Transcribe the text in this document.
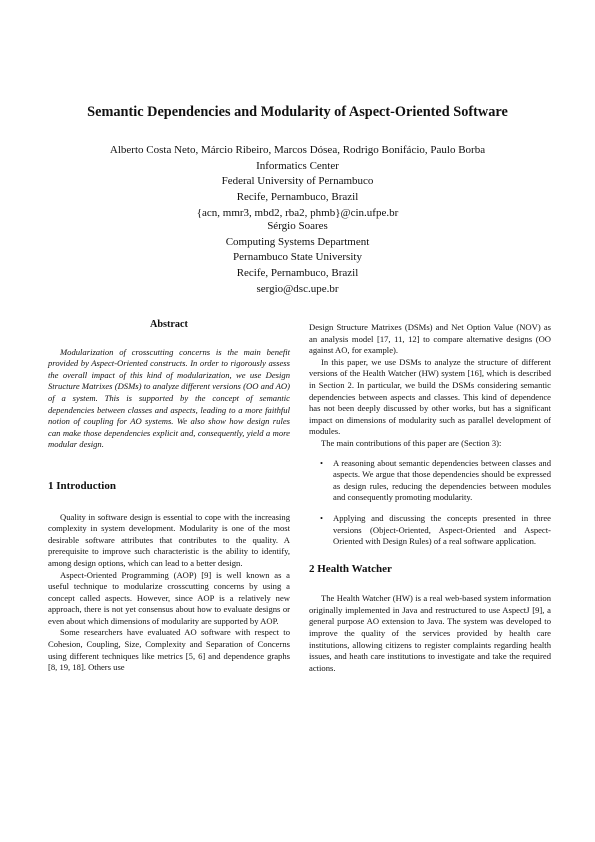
Semantic Dependencies and Modularity of Aspect-Oriented Software
Alberto Costa Neto, Márcio Ribeiro, Marcos Dósea, Rodrigo Bonifácio, Paulo Borba
Informatics Center
Federal University of Pernambuco
Recife, Pernambuco, Brazil
{acn, mmr3, mbd2, rba2, phmb}@cin.ufpe.br
Sérgio Soares
Computing Systems Department
Pernambuco State University
Recife, Pernambuco, Brazil
sergio@dsc.upe.br
Abstract

Modularization of crosscutting concerns is the main benefit provided by Aspect-Oriented constructs. In order to rigorously assess the overall impact of this kind of modularization, we use Design Structure Matrixes (DSMs) to analyze different versions (OO and AO) of a system. This is supported by the concept of semantic dependencies between classes and aspects, leading to a more faithful notion of coupling for AO systems. We also show how design rules can make those dependencies explicit and, consequently, yield a more modular design.

1 Introduction

Quality in software design is essential to cope with the increasing complexity in system development. Modularity is one of the most desirable software attributes that contributes to the quality. A prerequisite to improve such characteristic is the ability to identify, among design options, which can lead to a better design.

Aspect-Oriented Programming (AOP) [9] is well known as a useful technique to modularize crosscutting concerns by using a concept called aspects. However, since AOP is a relatively new approach, there is not yet consensus about how to evaluate designs or even about which dimensions of modularity are supported by AOP.

Some researchers have evaluated AO software with respect to Cohesion, Coupling, Size, Complexity and Separation of Concerns using different techniques like metrics [5, 6] and dependence graphs [8, 19, 18]. Others use

Design Structure Matrixes (DSMs) and Net Option Value (NOV) as an analysis model [17, 11, 12] to compare alternative designs (OO against AO, for example).

In this paper, we use DSMs to analyze the structure of different versions of the Health Watcher (HW) system [16], which is described in Section 2. In particular, we build the DSMs considering semantic dependencies between aspects and classes. This kind of dependence has not been deeply discussed by other works, but has a significant impact on dimensions of modularity such as parallel development of modules.

The main contributions of this paper are (Section 3):

• A reasoning about semantic dependencies between classes and aspects. We argue that those dependencies should be expressed as design rules, reducing the dependencies between modules and consequently promoting modularity.
• Applying and discussing the concepts presented in three versions (Object-Oriented, Aspect-Oriented and Aspect-Oriented with Design Rules) of a real software application.
2 Health Watcher

The Health Watcher (HW) is a real web-based system information originally implemented in Java and restructured to use AspectJ [9], a general purpose AO extension to Java. The system was developed to improve the quality of the services provided by health care institutions, allowing citizens to register complaints regarding health issues, and heath care institutions to investigate and take the required actions.
